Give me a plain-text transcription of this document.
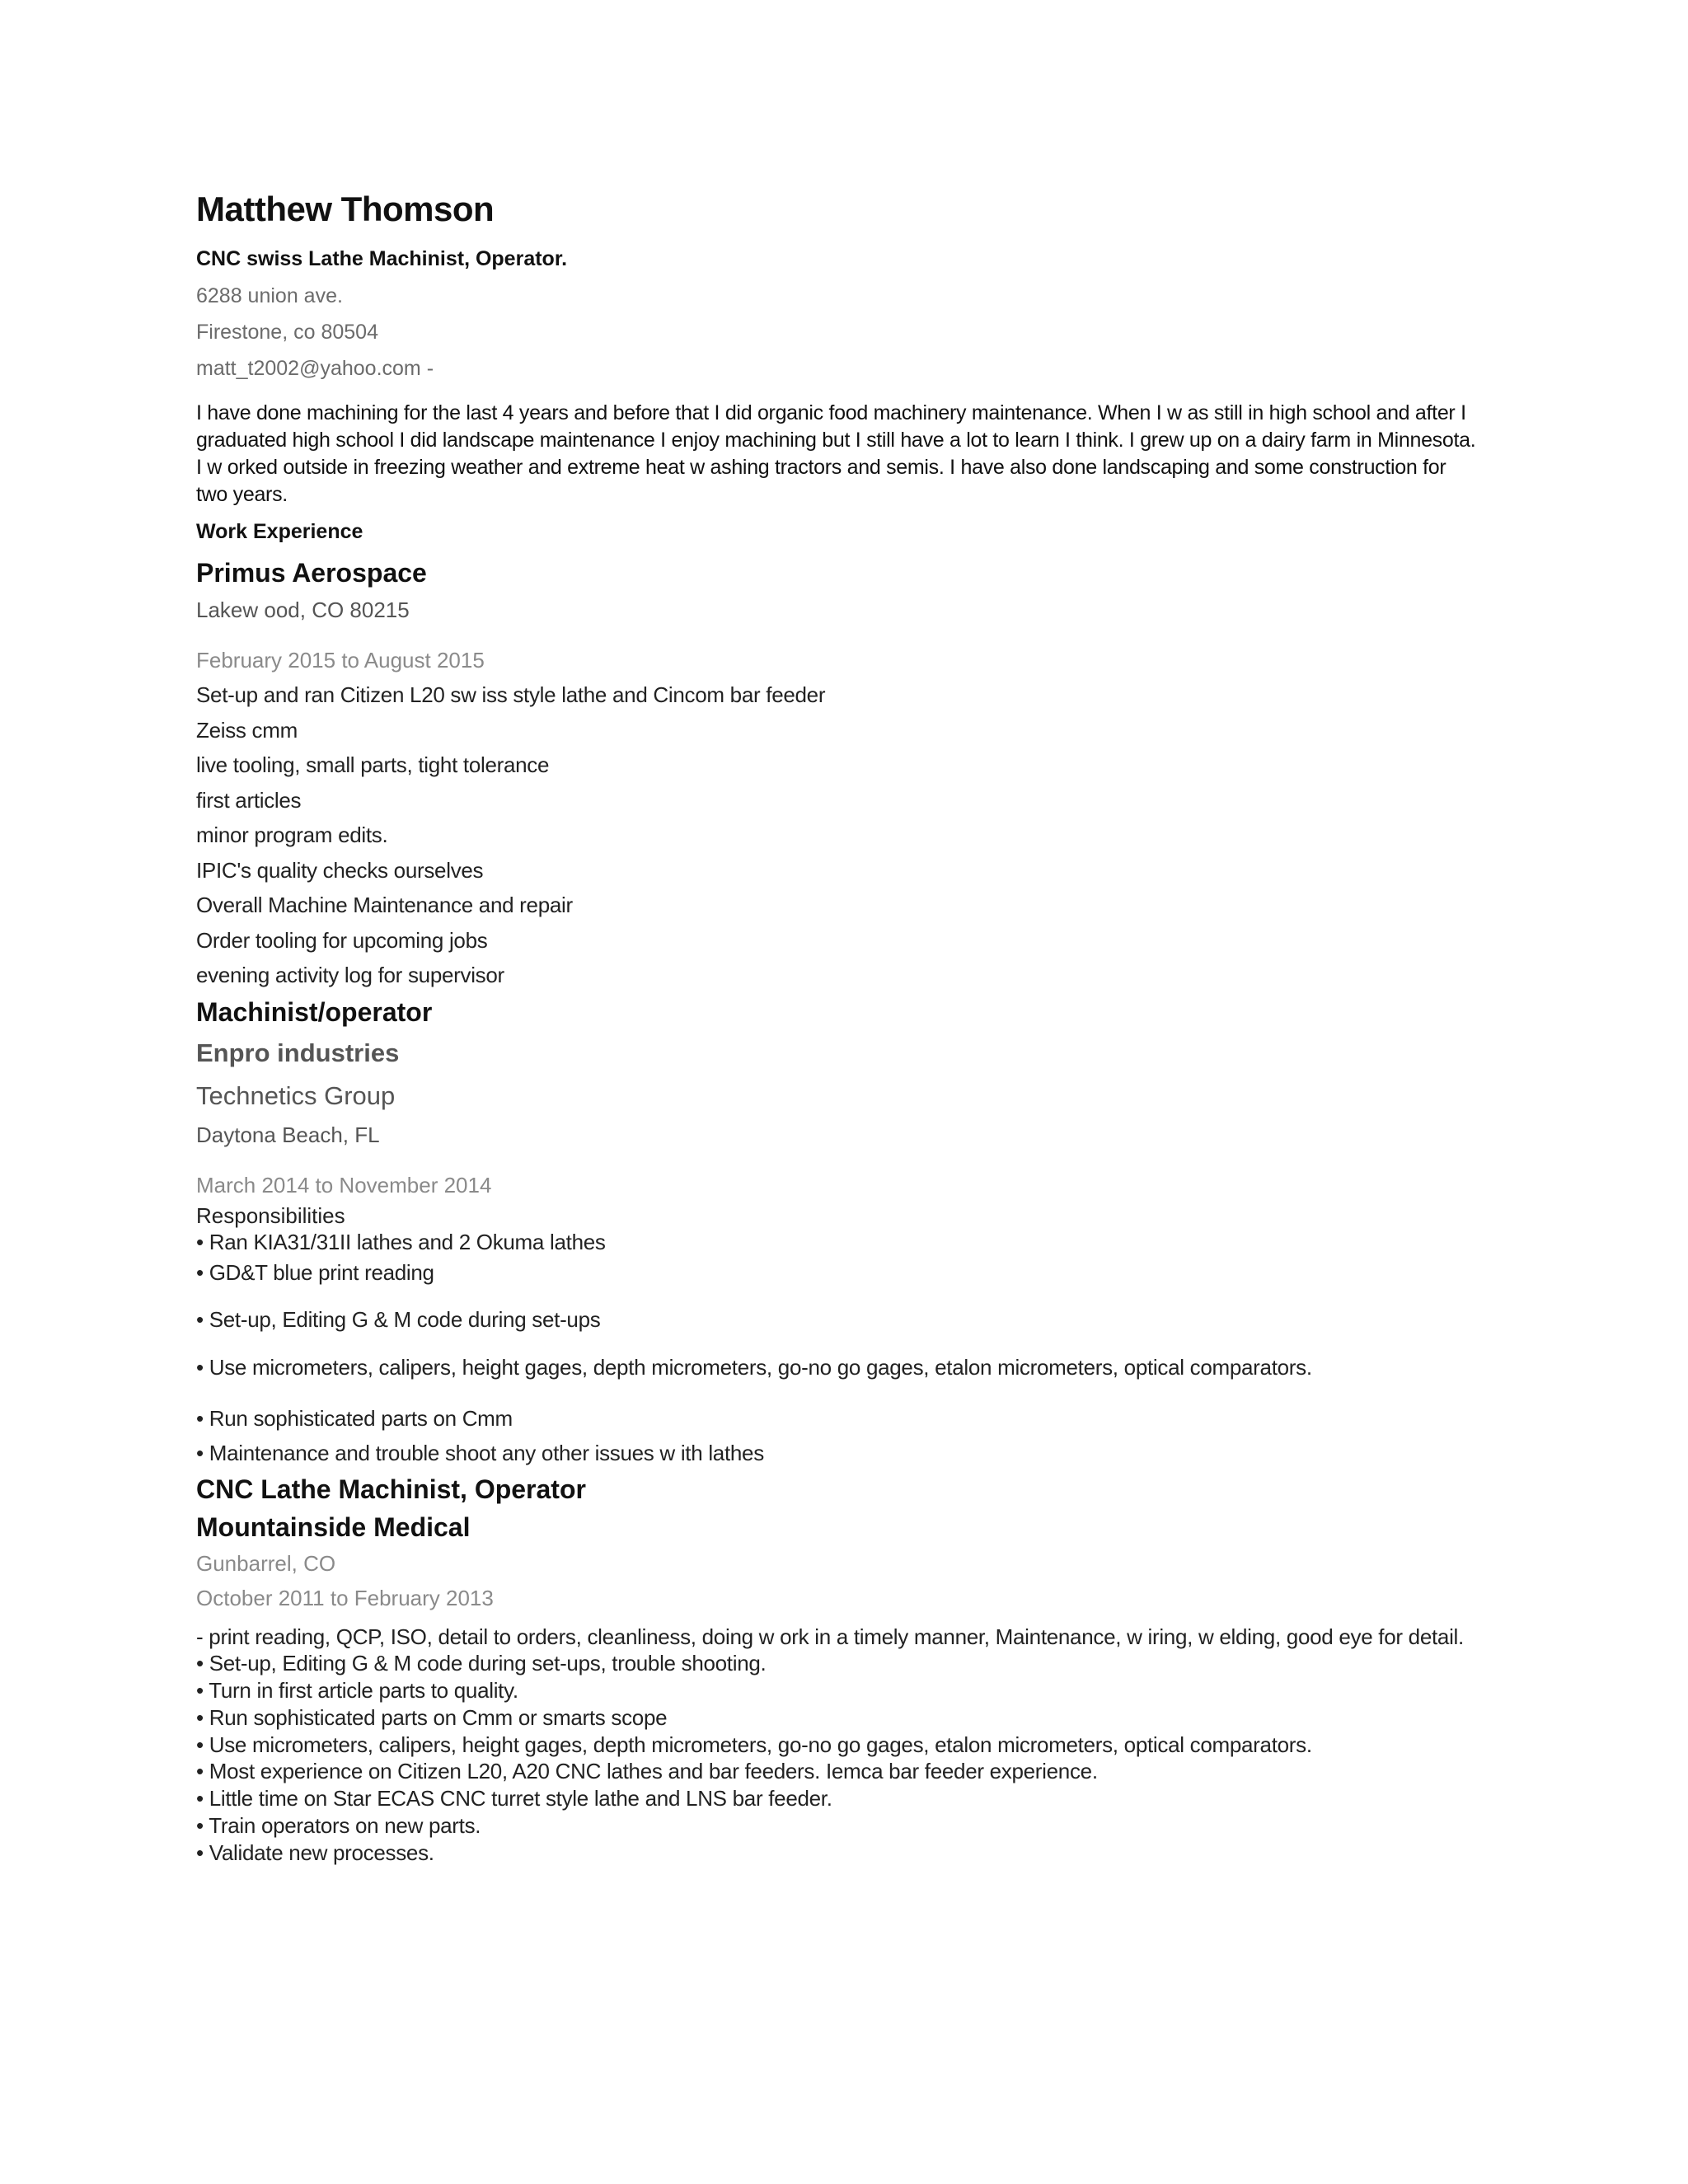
Matthew Thomson
CNC swiss Lathe Machinist, Operator.
6288 union ave.
Firestone, co 80504
matt_t2002@yahoo.com -
I have done machining for the last 4 years and before that I did organic food machinery maintenance. When I w as still in high school and after I graduated high school I did landscape maintenance I enjoy machining but I still have a lot to learn I think. I grew up on a dairy farm in Minnesota. I w orked outside in freezing weather and extreme heat w ashing tractors and semis. I have also done landscaping and some construction for two years.
Work Experience
Primus Aerospace
Lakew ood, CO 80215
February 2015 to August 2015
Set-up and ran Citizen L20 sw iss style lathe and Cincom bar feeder
Zeiss cmm
live tooling, small parts, tight tolerance
first articles
minor program edits.
IPIC's quality checks ourselves
Overall Machine Maintenance and repair
Order tooling for upcoming jobs
evening activity log for supervisor
Machinist/operator
Enpro industries
Technetics Group
Daytona Beach, FL
March 2014 to November 2014
Responsibilities
• Ran KIA31/31II lathes and 2 Okuma lathes
• GD&T blue print reading
• Set-up, Editing G & M code during set-ups
• Use micrometers, calipers, height gages, depth micrometers, go-no go gages, etalon micrometers, optical comparators.
• Run sophisticated parts on Cmm
• Maintenance and trouble shoot any other issues w ith lathes
CNC Lathe Machinist, Operator
Mountainside Medical
Gunbarrel, CO
October 2011 to February 2013
- print reading, QCP, ISO, detail to orders, cleanliness, doing w ork in a timely manner, Maintenance, w iring, w elding, good eye for detail.
• Set-up, Editing G & M code during set-ups, trouble shooting.
• Turn in first article parts to quality.
• Run sophisticated parts on Cmm or smarts scope
• Use micrometers, calipers, height gages, depth micrometers, go-no go gages, etalon micrometers, optical comparators.
• Most experience on Citizen L20, A20 CNC lathes and bar feeders. Iemca bar feeder experience.
• Little time on Star ECAS CNC turret style lathe and LNS bar feeder.
• Train operators on new parts.
• Validate new processes.
